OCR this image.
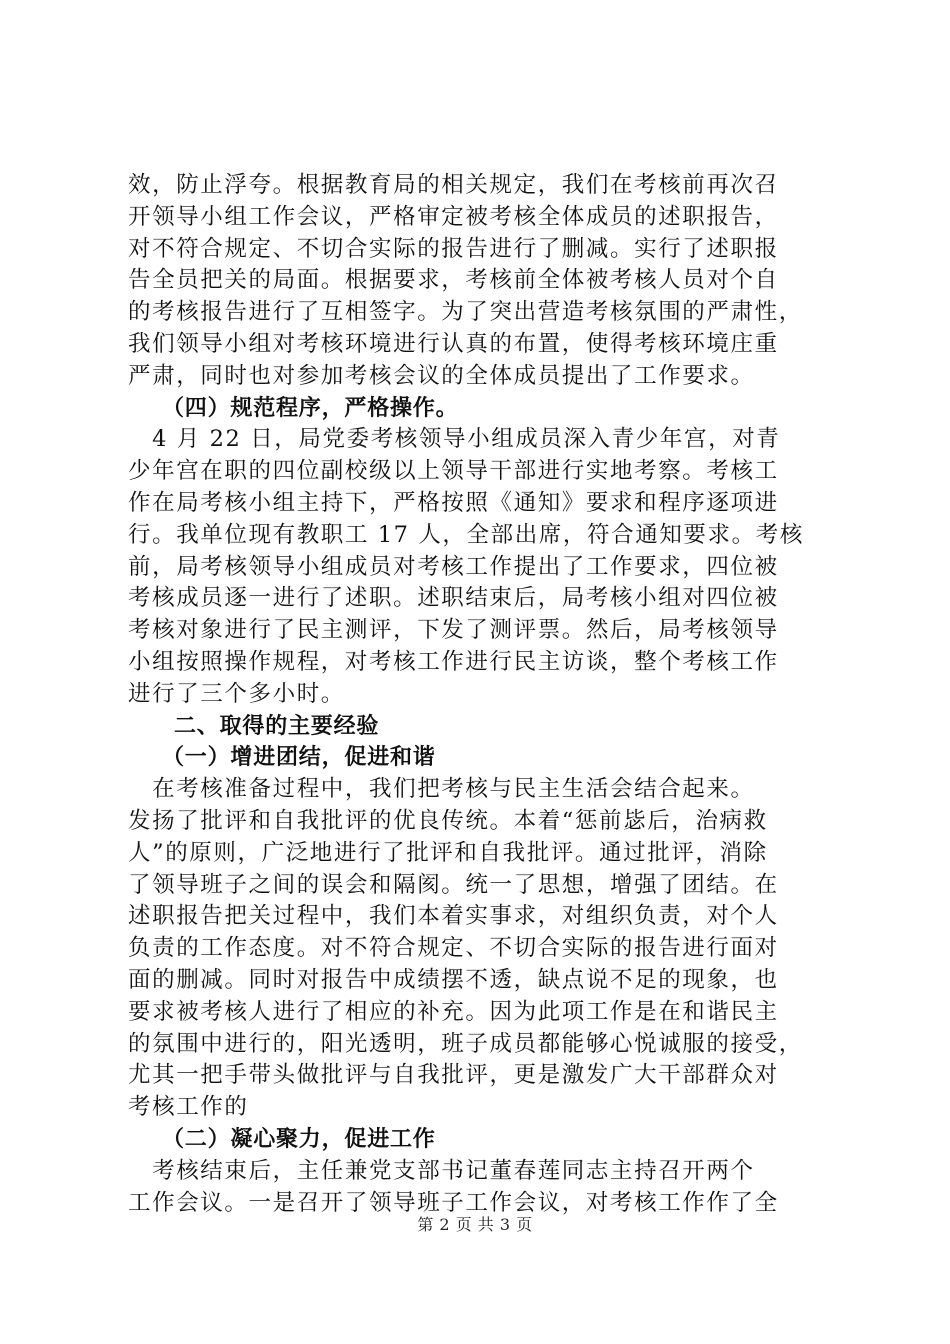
效，防止浮夸。根据教育局的相关规定，我们在考核前再次召
开领导小组工作会议，严格审定被考核全体成员的述职报告，
对不符合规定、不切合实际的报告进行了删减。实行了述职报
告全员把关的局面。根据要求，考核前全体被考核人员对个自
的考核报告进行了互相签字。为了突出营造考核氛围的严肃性，
我们领导小组对考核环境进行认真的布置，使得考核环境庄重
严肃，同时也对参加考核会议的全体成员提出了工作要求。
（四）规范程序，严格操作。
　4 月 22 日，局党委考核领导小组成员深入青少年宫，对青
少年宫在职的四位副校级以上领导干部进行实地考察。考核工
作在局考核小组主持下，严格按照《通知》要求和程序逐项进
行。我单位现有教职工 17 人，全部出席，符合通知要求。考核
前，局考核领导小组成员对考核工作提出了工作要求，四位被
考核成员逐一进行了述职。述职结束后，局考核小组对四位被
考核对象进行了民主测评，下发了测评票。然后，局考核领导
小组按照操作规程，对考核工作进行民主访谈，整个考核工作
进行了三个多小时。
二、取得的主要经验
（一）增进团结，促进和谐
　在考核准备过程中，我们把考核与民主生活会结合起来。
发扬了批评和自我批评的优良传统。本着“惩前毖后，治病救
人”的原则，广泛地进行了批评和自我批评。通过批评，消除
了领导班子之间的误会和隔阂。统一了思想，增强了团结。在
述职报告把关过程中，我们本着实事求，对组织负责，对个人
负责的工作态度。对不符合规定、不切合实际的报告进行面对
面的删减。同时对报告中成绩摆不透，缺点说不足的现象，也
要求被考核人进行了相应的补充。因为此项工作是在和谐民主
的氛围中进行的，阳光透明，班子成员都能够心悦诚服的接受，
尤其一把手带头做批评与自我批评，更是激发广大干部群众对
考核工作的
（二）凝心聚力，促进工作
　考核结束后，主任兼党支部书记董春莲同志主持召开两个
工作会议。一是召开了领导班子工作会议，对考核工作作了全
第 2 页 共 3 页
